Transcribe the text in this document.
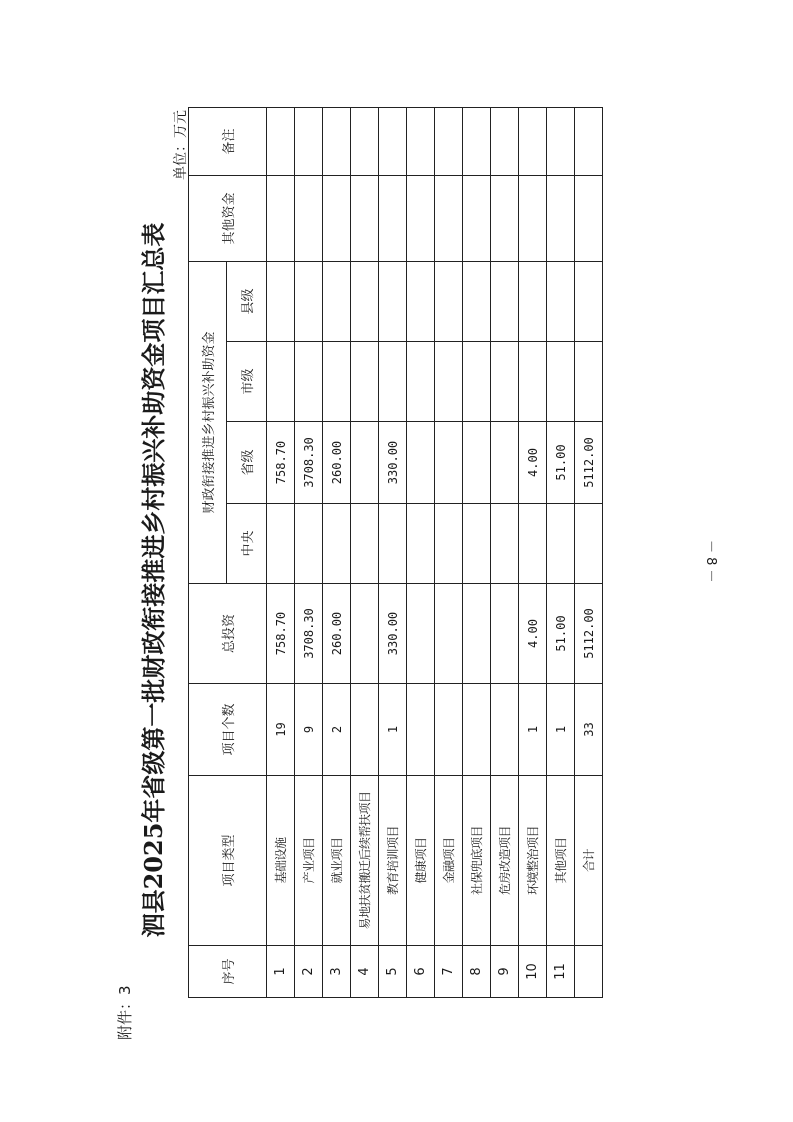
附件：3
泗县2025年省级第一批财政衔接推进乡村振兴补助资金项目汇总表
单位：万元
序号	项目类型	项目个数	总投资	财政衔接推进乡村振兴补助资金				其他资金	备注
				中央	省级	市级	县级		
1	基础设施	19	758.70		758.70				
2	产业项目	9	3708.30		3708.30				
3	就业项目	2	260.00		260.00				
4	易地扶贫搬迁后续帮扶项目								
5	教育培训项目	1	330.00		330.00				
6	健康项目								
7	金融项目								
8	社保兜底项目								
9	危房改造项目								
10	环境整治项目	1	4.00		4.00				
11	其他项目	1	51.00		51.00				
	合计	33	5112.00		5112.00				
－ 8 －
